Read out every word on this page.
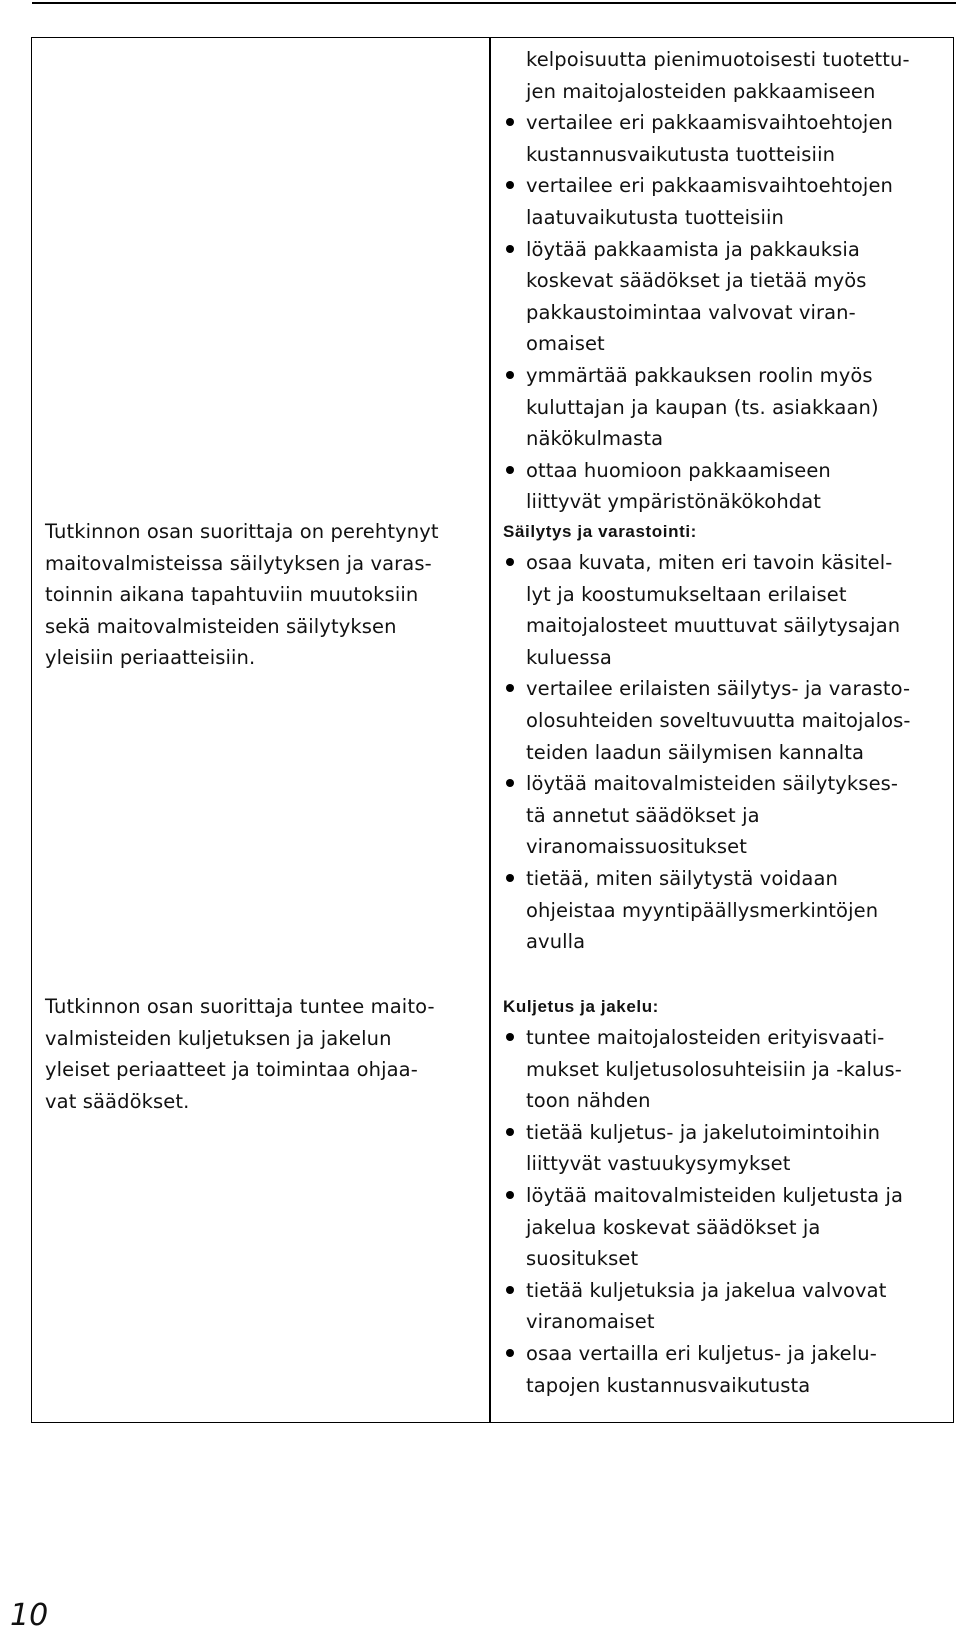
kelpoisuutta pienimuotoisesti tuotettu-
jen maitojalosteiden pakkaamiseen

vertailee eri pakkaamisvaihtoehtojen
kustannusvaikutusta tuotteisiin
vertailee eri pakkaamisvaihtoehtojen
laatuvaikutusta tuotteisiin
löytää pakkaamista ja pakkauksia
koskevat säädökset ja tietää myös
pakkaustoimintaa valvovat viran-
omaiset
ymmärtää pakkauksen roolin myös
kuluttajan ja kaupan (ts. asiakkaan)
näkökulmasta
ottaa huomioon pakkaamiseen
liittyvät ympäristönäkökohdat

Tutkinnon osan suorittaja on perehtynyt
maitovalmisteissa säilytyksen ja varas-
toinnin aikana tapahtuviin muutoksiin
sekä maitovalmisteiden säilytyksen
yleisiin periaatteisiin.

Säilytys ja varastointi:

osaa kuvata, miten eri tavoin käsitel-
lyt ja koostumukseltaan erilaiset
maitojalosteet muuttuvat säilytysajan
kuluessa
vertailee erilaisten säilytys- ja varasto-
olosuhteiden soveltuvuutta maitojalos-
teiden laadun säilymisen kannalta
löytää maitovalmisteiden säilytykses-
tä annetut säädökset ja
viranomaissuositukset
tietää, miten säilytystä voidaan
ohjeistaa myyntipäällysmerkintöjen
avulla

Tutkinnon osan suorittaja tuntee maito-
valmisteiden kuljetuksen ja jakelun
yleiset periaatteet ja toimintaa ohjaa-
vat säädökset.

Kuljetus ja jakelu:

tuntee maitojalosteiden erityisvaati-
mukset kuljetusolosuhteisiin ja -kalus-
toon nähden
tietää kuljetus- ja jakelutoimintoihin
liittyvät vastuukysymykset
löytää maitovalmisteiden kuljetusta ja
jakelua koskevat säädökset ja
suositukset
tietää kuljetuksia ja jakelua valvovat
viranomaiset
osaa vertailla eri kuljetus- ja jakelu-
tapojen kustannusvaikutusta
10
